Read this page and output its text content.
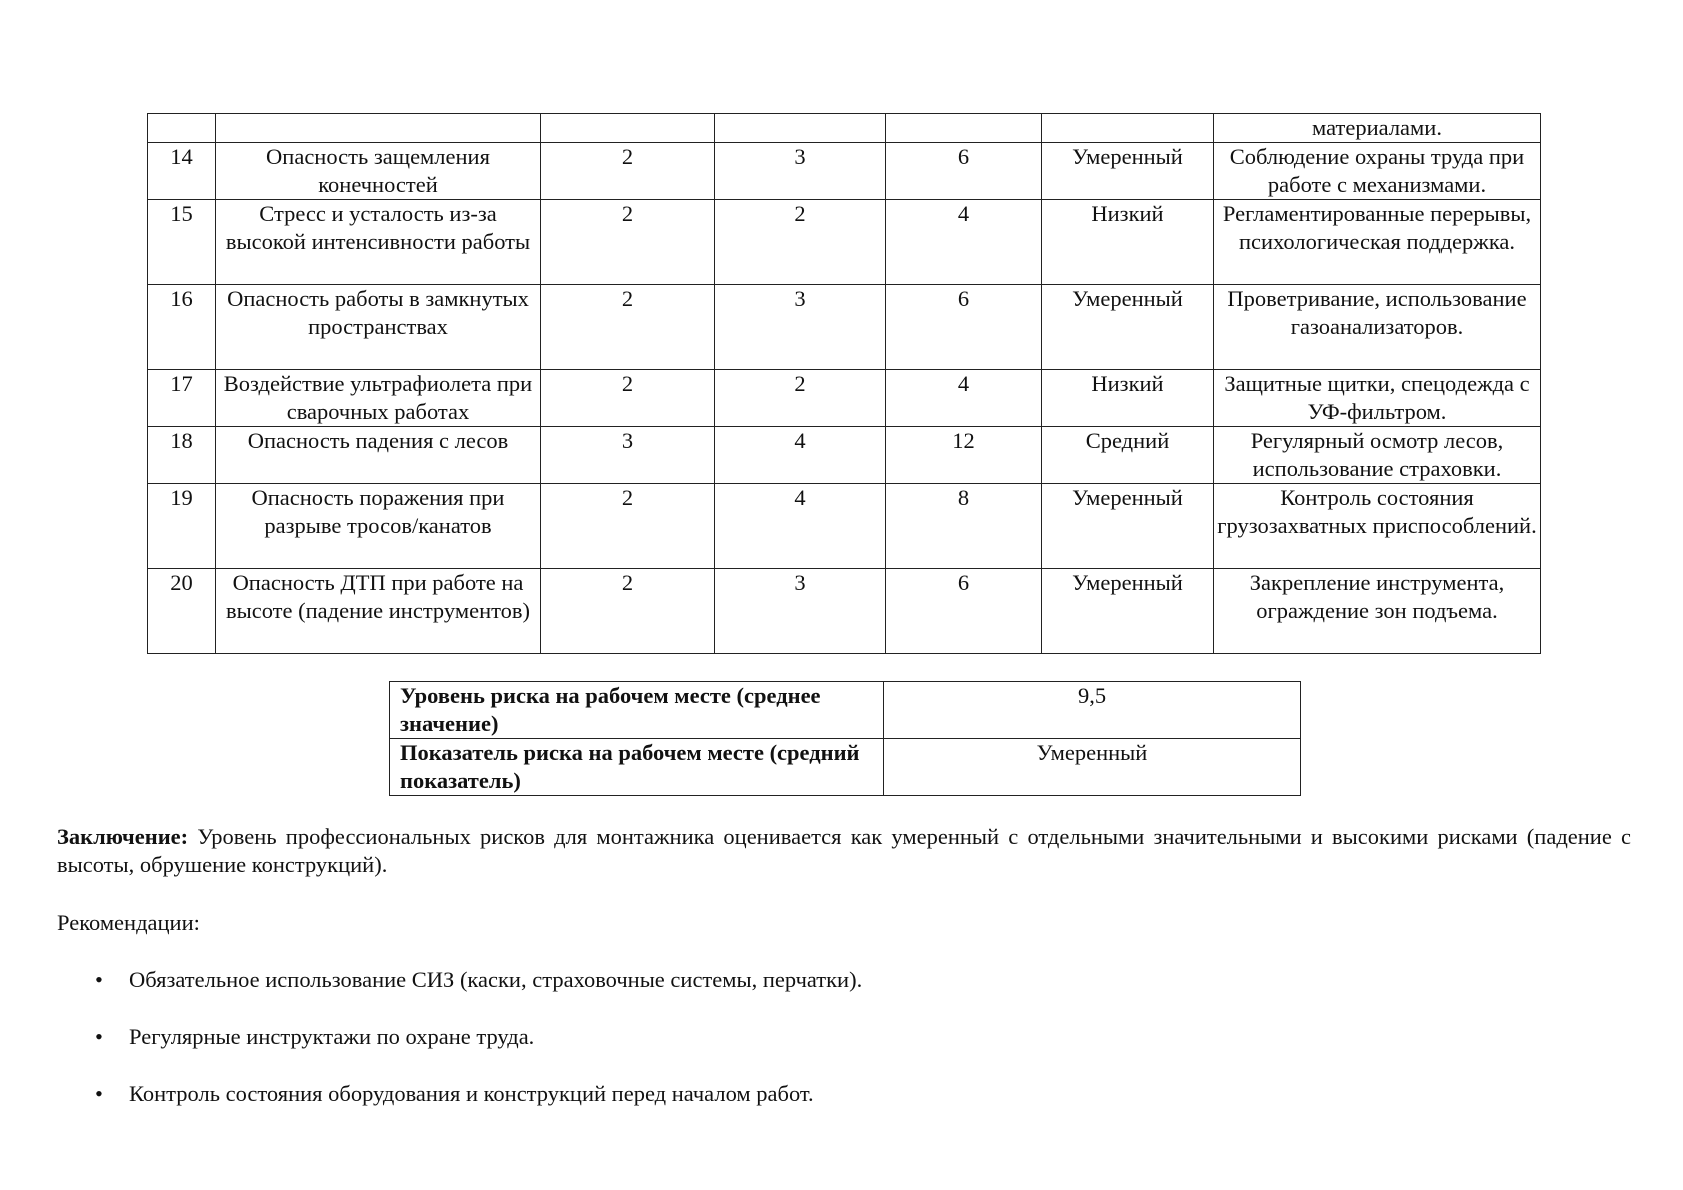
						материалами.
14	Опасность защемления конечностей	2	3	6	Умеренный	Соблюдение охраны труда при работе с механизмами.
15	Стресс и усталость из-за высокой интенсивности работы	2	2	4	Низкий	Регламентированные перерывы, психологическая поддержка.
16	Опасность работы в замкнутых пространствах	2	3	6	Умеренный	Проветривание, использование газоанализаторов.
17	Воздействие ультрафиолета при сварочных работах	2	2	4	Низкий	Защитные щитки, спецодежда с УФ-фильтром.
18	Опасность падения с лесов	3	4	12	Средний	Регулярный осмотр лесов, использование страховки.
19	Опасность поражения при разрыве тросов/канатов	2	4	8	Умеренный	Контроль состояния грузозахватных приспособлений.
20	Опасность ДТП при работе на высоте (падение инструментов)	2	3	6	Умеренный	Закрепление инструмента, ограждение зон подъема.
Уровень риска на рабочем месте (среднее значение)	9,5
Показатель риска на рабочем месте (средний показатель)	Умеренный

Заключение: Уровень профессиональных рисков для монтажника оценивается как умеренный с отдельными значительными и высокими рисками (падение с высоты, обрушение конструкций).

Рекомендации:

• Обязательное использование СИЗ (каски, страховочные системы, перчатки).
• Регулярные инструктажи по охране труда.
• Контроль состояния оборудования и конструкций перед началом работ.
